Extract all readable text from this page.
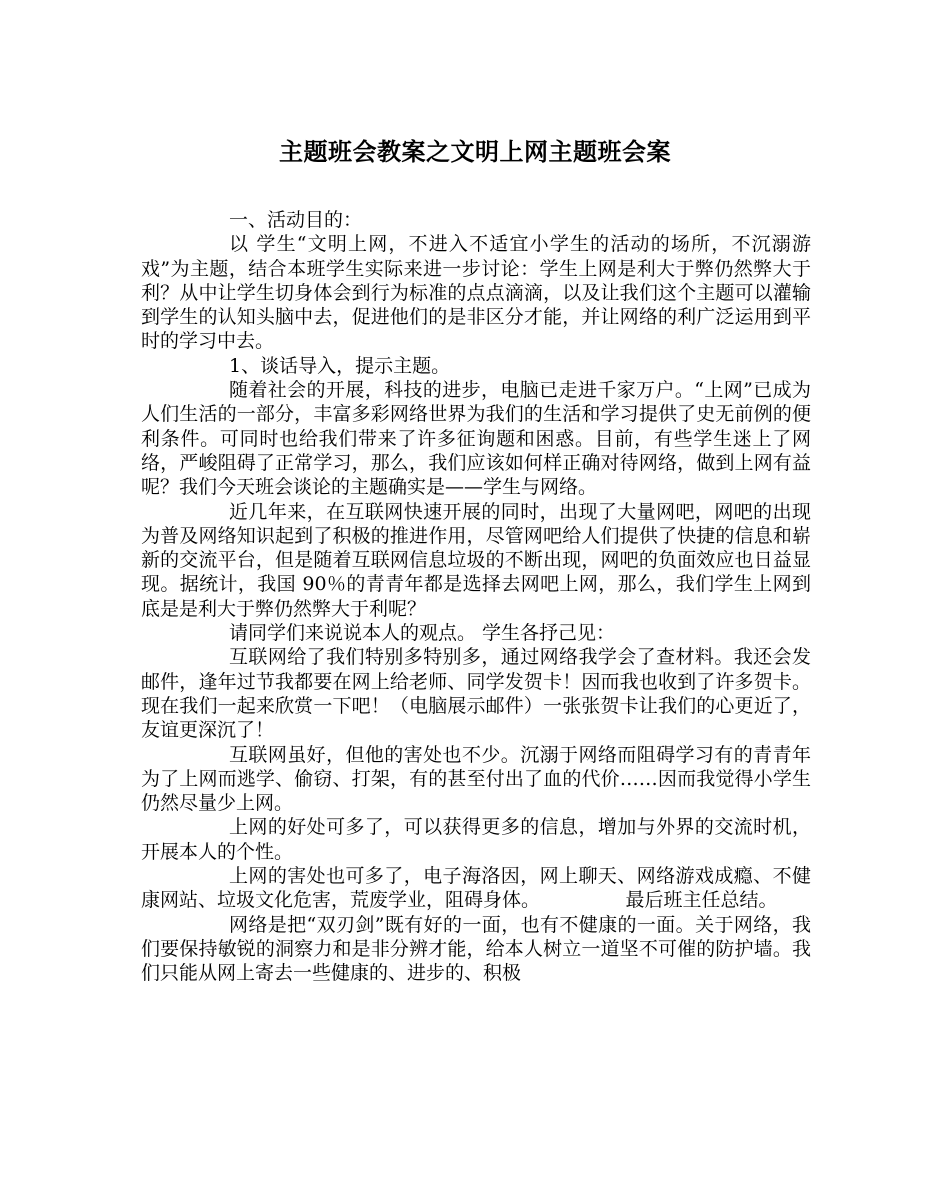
主题班会教案之文明上网主题班会案

一、活动目的：

以 学生“文明上网，不进入不适宜小学生的活动的场所，不沉溺游戏”为主题，结合本班学生实际来进一步讨论：学生上网是利大于弊仍然弊大于利？从中让学生切身体会到行为标准的点点滴滴，以及让我们这个主题可以灌输到学生的认知头脑中去，促进他们的是非区分才能，并让网络的利广泛运用到平时的学习中去。

1、谈话导入，提示主题。

随着社会的开展，科技的进步，电脑已走进千家万户。“上网”已成为人们生活的一部分，丰富多彩网络世界为我们的生活和学习提供了史无前例的便利条件。可同时也给我们带来了许多征询题和困惑。目前，有些学生迷上了网络，严峻阻碍了正常学习，那么，我们应该如何样正确对待网络，做到上网有益呢？我们今天班会谈论的主题确实是——学生与网络。

近几年来，在互联网快速开展的同时，出现了大量网吧，网吧的出现为普及网络知识起到了积极的推进作用，尽管网吧给人们提供了快捷的信息和崭新的交流平台，但是随着互联网信息垃圾的不断出现，网吧的负面效应也日益显现。据统计，我国 90％的青青年都是选择去网吧上网，那么，我们学生上网到底是是利大于弊仍然弊大于利呢？

请同学们来说说本人的观点。 学生各抒己见：

互联网给了我们特别多特别多，通过网络我学会了查材料。我还会发邮件，逢年过节我都要在网上给老师、同学发贺卡！因而我也收到了许多贺卡。现在我们一起来欣赏一下吧！（电脑展示邮件）一张张贺卡让我们的心更近了，友谊更深沉了！

互联网虽好，但他的害处也不少。沉溺于网络而阻碍学习有的青青年为了上网而逃学、偷窃、打架，有的甚至付出了血的代价……因而我觉得小学生仍然尽量少上网。

上网的好处可多了，可以获得更多的信息，增加与外界的交流时机，开展本人的个性。

上网的害处也可多了，电子海洛因，网上聊天、网络游戏成瘾、不健康网站、垃圾文化危害，荒废学业，阻碍身体。　　　　　最后班主任总结。

网络是把“双刃剑”既有好的一面，也有不健康的一面。关于网络，我们要保持敏锐的洞察力和是非分辨才能，给本人树立一道坚不可催的防护墙。我们只能从网上寄去一些健康的、进步的、积极
